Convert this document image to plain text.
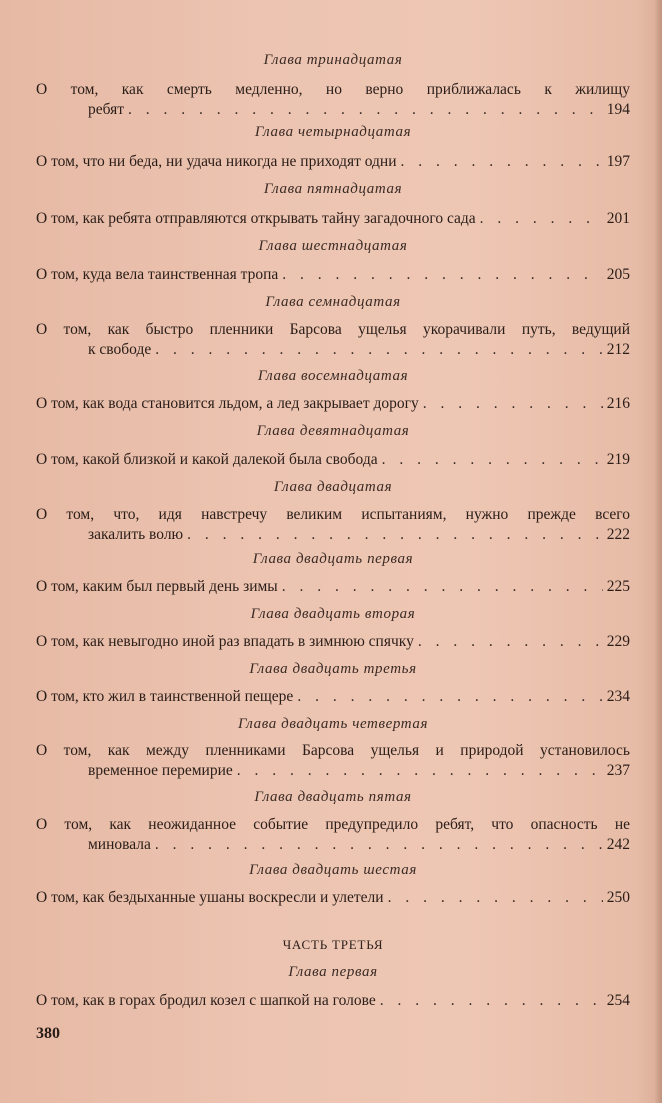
Глава тринадцатая
О том, как смерть медленно, но верно приближалась к жилищу
ребят . . .	194
Глава четырнадцатая
О том, что ни беда, ни удача никогда не приходят одни . . .	197
Глава пятнадцатая
О том, как ребята отправляются открывать тайну загадочного сада . . .	201
Глава шестнадцатая
О том, куда вела таинственная тропа . . .	205
Глава семнадцатая
О том, как быстро пленники Барсова ущелья укорачивали путь, ведущий
к свободе . . .	212
Глава восемнадцатая
О том, как вода становится льдом, а лед закрывает дорогу . . .	216
Глава девятнадцатая
О том, какой близкой и какой далекой была свобода . . .	219
Глава двадцатая
О том, что, идя навстречу великим испытаниям, нужно прежде всего
закалить волю . . .	222
Глава двадцать первая
О том, каким был первый день зимы . . .	225
Глава двадцать вторая
О том, как невыгодно иной раз впадать в зимнюю спячку . . .	229
Глава двадцать третья
О том, кто жил в таинственной пещере . . .	234
Глава двадцать четвертая
О том, как между пленниками Барсова ущелья и природой установилось
временное перемирие . . .	237
Глава двадцать пятая
О том, как неожиданное событие предупредило ребят, что опасность не
миновала . . .	242
Глава двадцать шестая
О том, как бездыханные ушаны воскресли и улетели . . .	250
ЧАСТЬ ТРЕТЬЯ
Глава первая
О том, как в горах бродил козел с шапкой на голове . . .	254
380
